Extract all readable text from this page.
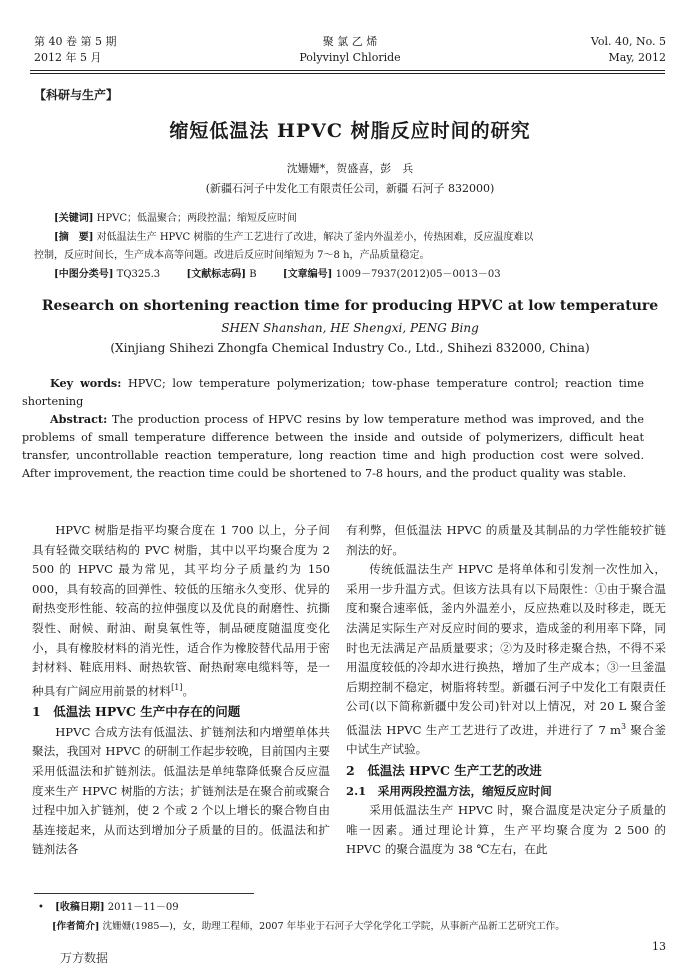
第 40 卷 第 5 期
2012 年 5 月
聚 氯 乙 烯
Polyvinyl Chloride
Vol. 40, No. 5
May, 2012
【科研与生产】
缩短低温法 HPVC 树脂反应时间的研究
沈姗姗*，贺盛喜，彭　兵
(新疆石河子中发化工有限责任公司，新疆 石河子 832000)
[关键词] HPVC；低温聚合；两段控温；缩短反应时间
[摘　要] 对低温法生产 HPVC 树脂的生产工艺进行了改进，解决了釜内外温差小，传热困难，反应温度难以
控制，反应时间长，生产成本高等问题。改进后反应时间缩短为 7～8 h，产品质量稳定。
[中图分类号] TQ325.3	[文献标志码] B	[文章编号] 1009－7937(2012)05－0013－03
Research on shortening reaction time for producing HPVC at low temperature
SHEN Shanshan, HE Shengxi, PENG Bing
(Xinjiang Shihezi Zhongfa Chemical Industry Co., Ltd., Shihezi 832000, China)
Key words: HPVC; low temperature polymerization; tow-phase temperature control; reaction time shortening
Abstract: The production process of HPVC resins by low temperature method was improved, and the problems of small temperature difference between the inside and outside of polymerizers, difficult heat transfer, uncontrollable reaction temperature, long reaction time and high production cost were solved. After improvement, the reaction time could be shortened to 7-8 hours, and the product quality was stable.

HPVC 树脂是指平均聚合度在 1 700 以上，分子间具有轻微交联结构的 PVC 树脂，其中以平均聚合度为 2 500 的 HPVC 最为常见，其平均分子质量约为 150 000，具有较高的回弹性、较低的压缩永久变形、优异的耐热变形性能、较高的拉伸强度以及优良的耐磨性、抗撕裂性、耐候、耐油、耐臭氧性等，制品硬度随温度变化小，具有橡胶材料的消光性，适合作为橡胶替代品用于密封材料、鞋底用料、耐热软管、耐热耐寒电缆料等，是一种具有广阔应用前景的材料[1]。

1　低温法 HPVC 生产中存在的问题

HPVC 合成方法有低温法、扩链剂法和内增塑单体共聚法，我国对 HPVC 的研制工作起步较晚，目前国内主要采用低温法和扩链剂法。低温法是单纯靠降低聚合反应温度来生产 HPVC 树脂的方法；扩链剂法是在聚合前或聚合过程中加入扩链剂，使 2 个或 2 个以上增长的聚合物自由基连接起来，从而达到增加分子质量的目的。低温法和扩链剂法各

有利弊，但低温法 HPVC 的质量及其制品的力学性能较扩链剂法的好。

传统低温法生产 HPVC 是将单体和引发剂一次性加入，采用一步升温方式。但该方法具有以下局限性：①由于聚合温度和聚合速率低，釜内外温差小，反应热难以及时移走，既无法满足实际生产对反应时间的要求，造成釜的利用率下降，同时也无法满足产品质量要求；②为及时移走聚合热，不得不采用温度较低的冷却水进行换热，增加了生产成本；③一旦釜温后期控制不稳定，树脂将转型。新疆石河子中发化工有限责任公司(以下简称新疆中发公司)针对以上情况，对 20 L 聚合釜低温法 HPVC 生产工艺进行了改进，并进行了 7 $m^3$ 聚合釜中试生产试验。

2　低温法 HPVC 生产工艺的改进
2.1　采用两段控温方法，缩短反应时间

采用低温法生产 HPVC 时，聚合温度是决定分子质量的唯一因素。通过理论计算，生产平均聚合度为 2 500 的 HPVC 的聚合温度为 38 ℃左右，在此

• [收稿日期] 2011－11－09
[作者简介] 沈姗姗(1985—)，女，助理工程师，2007 年毕业于石河子大学化学化工学院，从事新产品新工艺研究工作。
13
万方数据
